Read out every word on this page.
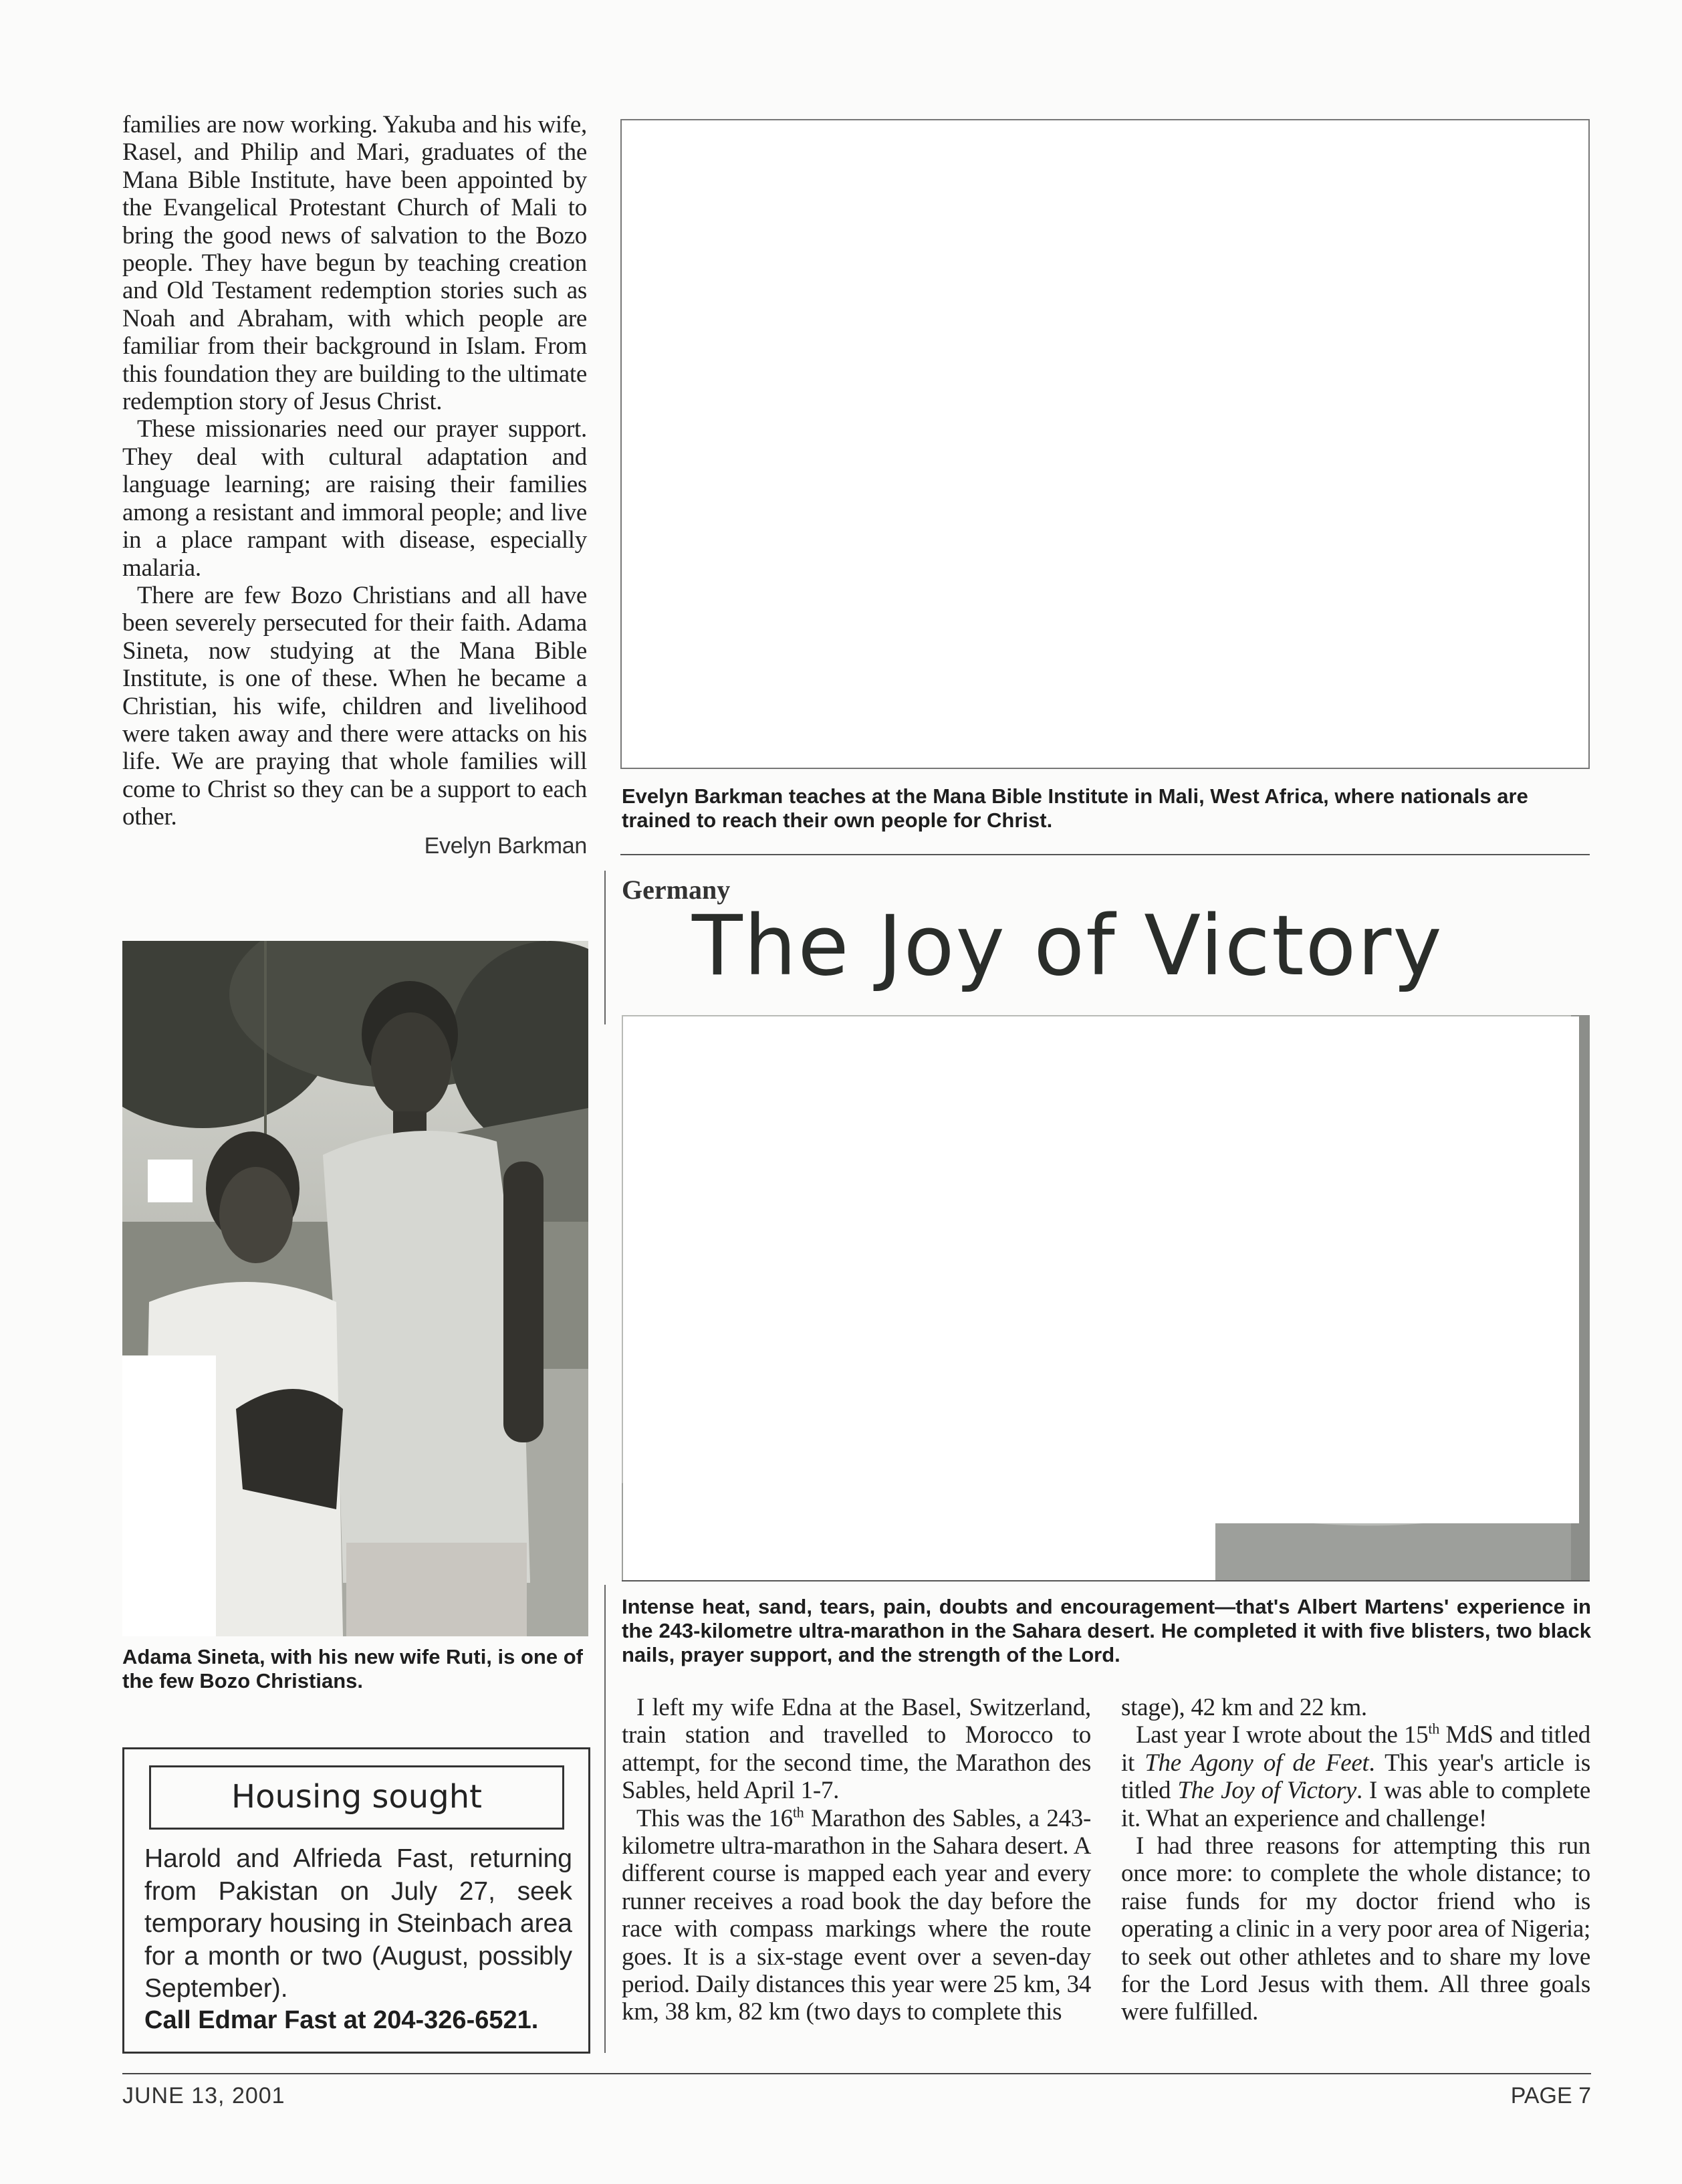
families are now working. Yakuba and his wife, Rasel, and Philip and Mari, graduates of the Mana Bible Institute, have been appointed by the Evangelical Protestant Church of Mali to bring the good news of salvation to the Bozo people. They have begun by teaching creation and Old Testament redemption stories such as Noah and Abraham, with which people are familiar from their background in Islam. From this foundation they are building to the ultimate redemption story of Jesus Christ.

These missionaries need our prayer support. They deal with cultural adaptation and language learning; are raising their families among a resistant and immoral people; and live in a place rampant with disease, especially malaria.

There are few Bozo Christians and all have been severely persecuted for their faith. Adama Sineta, now studying at the Mana Bible Institute, is one of these. When he became a Christian, his wife, children and livelihood were taken away and there were attacks on his life. We are praying that whole families will come to Christ so they can be a support to each other.

Evelyn Barkman
Adama Sineta, with his new wife Ruti, is one of the few Bozo Christians.
Housing sought
Harold and Alfrieda Fast, returning from Pakistan on July 27, seek temporary housing in Steinbach area for a month or two (August, possibly September).
Call Edmar Fast at 204-326-6521.
Evelyn Barkman teaches at the Mana Bible Institute in Mali, West Africa, where nationals are trained to reach their own people for Christ.
Germany
The Joy of Victory
Intense heat, sand, tears, pain, doubts and encouragement—that's Albert Martens' experience in the 243-kilometre ultra-marathon in the Sahara desert. He completed it with five blisters, two black nails, prayer support, and the strength of the Lord.

I left my wife Edna at the Basel, Switzerland, train station and travelled to Morocco to attempt, for the second time, the Marathon des Sables, held April 1-7.

This was the 16th Marathon des Sables, a 243-kilometre ultra-marathon in the Sahara desert. A different course is mapped each year and every runner receives a road book the day before the race with compass markings where the route goes. It is a six-stage event over a seven-day period. Daily distances this year were 25 km, 34 km, 38 km, 82 km (two days to complete this

stage), 42 km and 22 km.

Last year I wrote about the 15th MdS and titled it The Agony of de Feet. This year's article is titled The Joy of Victory. I was able to complete it. What an experience and challenge!

I had three reasons for attempting this run once more: to complete the whole distance; to raise funds for my doctor friend who is operating a clinic in a very poor area of Nigeria; to seek out other athletes and to share my love for the Lord Jesus with them. All three goals were fulfilled.

JUNE 13, 2001	PAGE 7
